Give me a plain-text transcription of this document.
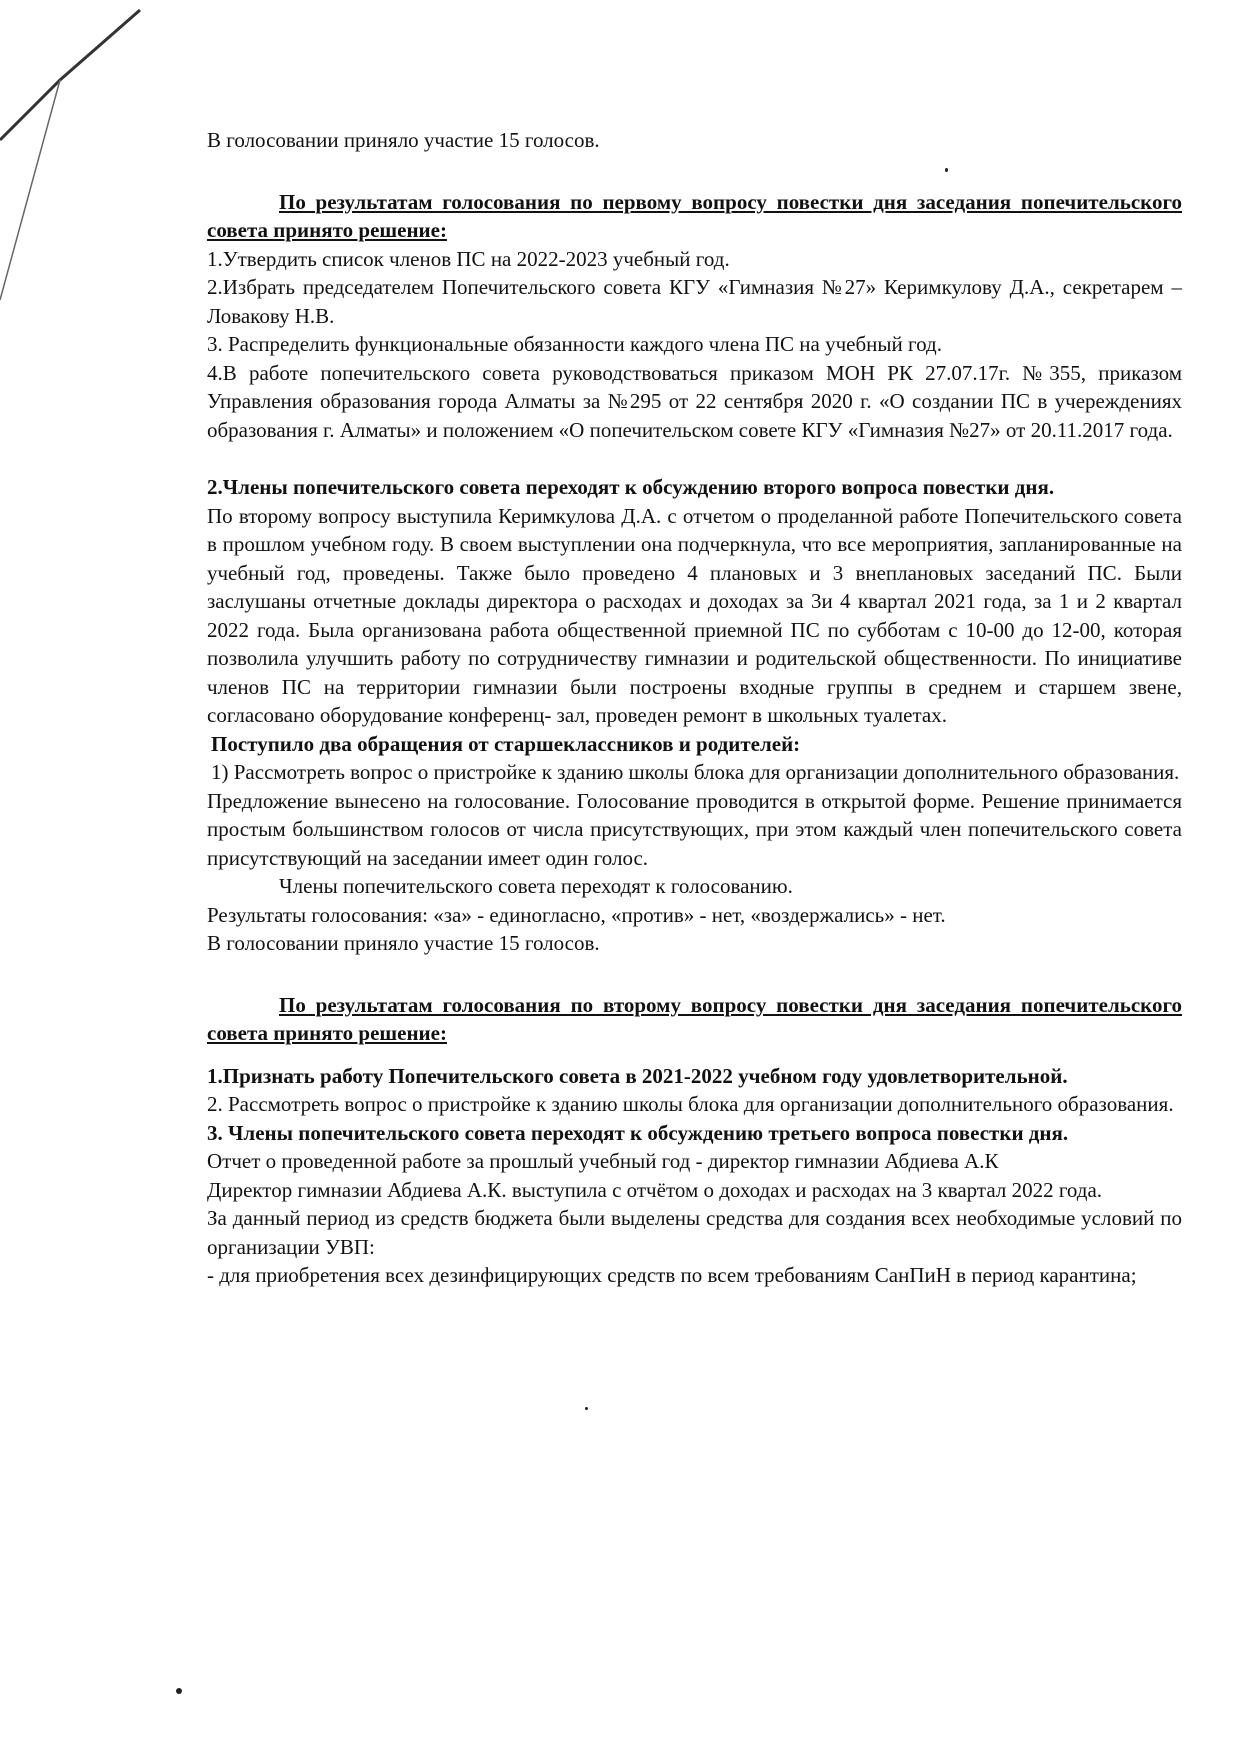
В голосовании приняло участие 15 голосов.

По результатам голосования по первому вопросу повестки дня заседания попечительского совета принято решение:

1.Утвердить список членов ПС на 2022-2023 учебный год.

2.Избрать председателем Попечительского совета КГУ «Гимназия №27» Керимкулову Д.А., секретарем – Ловакову Н.В.

3. Распределить функциональные обязанности каждого члена ПС на учебный год.

4.В работе попечительского совета руководствоваться приказом МОН РК 27.07.17г. №355, приказом Управления образования города Алматы за №295 от 22 сентября 2020 г. «О создании ПС в учереждениях образования г. Алматы» и положением «О попечительском совете КГУ «Гимназия №27» от 20.11.2017 года.

2.Члены попечительского совета переходят к обсуждению второго вопроса повестки дня.

По второму вопросу выступила Керимкулова Д.А. с отчетом о проделанной работе Попечительского совета в прошлом учебном году. В своем выступлении она подчеркнула, что все мероприятия, запланированные на учебный год, проведены. Также было проведено 4 плановых и 3 внеплановых заседаний ПС. Были заслушаны отчетные доклады директора о расходах и доходах за 3и 4 квартал 2021 года, за 1 и 2 квартал 2022 года. Была организована работа общественной приемной ПС по субботам с 10-00 до 12-00, которая позволила улучшить работу по сотрудничеству гимназии и родительской общественности. По инициативе членов ПС на территории гимназии были построены входные группы в среднем и старшем звене, согласовано оборудование конференц- зал, проведен ремонт в школьных туалетах.

Поступило два обращения от старшеклассников и родителей:

1) Рассмотреть вопрос о пристройке к зданию школы блока для организации дополнительного образования.

Предложение вынесено на голосование. Голосование проводится в открытой форме. Решение принимается простым большинством голосов от числа присутствующих, при этом каждый член попечительского совета присутствующий на заседании имеет один голос.

Члены попечительского совета переходят к голосованию.

Результаты голосования: «за» - единогласно, «против» - нет, «воздержались» - нет.

В голосовании приняло участие 15 голосов.

По результатам голосования по второму вопросу повестки дня заседания попечительского совета принято решение:

1.Признать работу Попечительского совета в 2021-2022 учебном году удовлетворительной.

2. Рассмотреть вопрос о пристройке к зданию школы блока для организации дополнительного образования.

3. Члены попечительского совета переходят к обсуждению третьего вопроса повестки дня.

Отчет о проведенной работе за прошлый учебный год - директор гимназии Абдиева А.К

Директор гимназии Абдиева А.К. выступила с отчётом о доходах и расходах на 3 квартал 2022 года.

За данный период из средств бюджета были выделены средства для создания всех необходимые условий по организации УВП:

- для приобретения всех дезинфицирующих средств по всем требованиям СанПиН в период карантина;
